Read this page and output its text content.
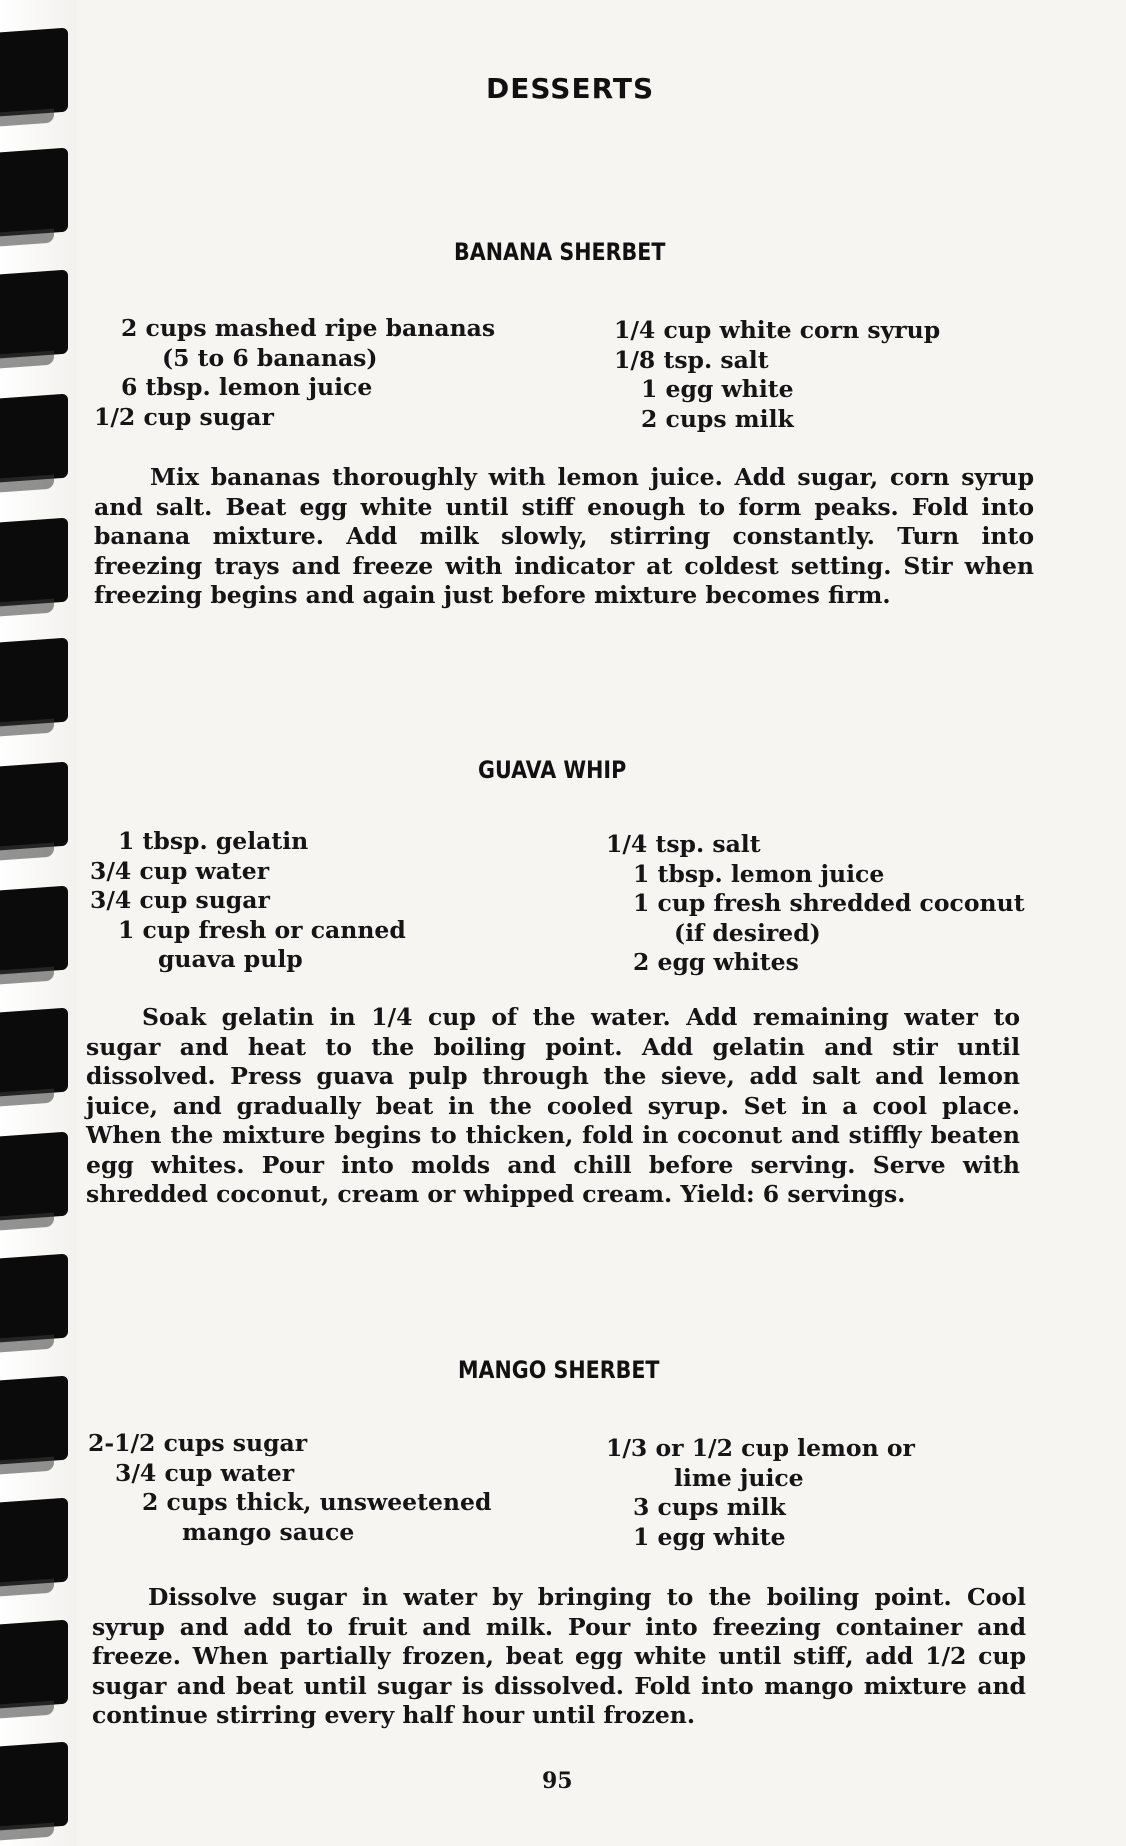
DESSERTS
BANANA SHERBET
2 cups mashed ripe bananas
(5 to 6 bananas)
6 tbsp. lemon juice
1/2 cup sugar
1/4 cup white corn syrup
1/8 tsp. salt
1 egg white
2 cups milk

Mix bananas thoroughly with lemon juice. Add sugar, corn syrup and salt. Beat egg white until stiff enough to form peaks. Fold into banana mixture. Add milk slowly, stirring constantly. Turn into freezing trays and freeze with indicator at coldest setting. Stir when freezing begins and again just before mixture becomes firm.

GUAVA WHIP
1 tbsp. gelatin
3/4 cup water
3/4 cup sugar
1 cup fresh or canned
guava pulp
1/4 tsp. salt
1 tbsp. lemon juice
1 cup fresh shredded coconut
(if desired)
2 egg whites

Soak gelatin in 1/4 cup of the water. Add remaining water to sugar and heat to the boiling point. Add gelatin and stir until dissolved. Press guava pulp through the sieve, add salt and lemon juice, and gradually beat in the cooled syrup. Set in a cool place. When the mixture begins to thicken, fold in coconut and stiffly beaten egg whites. Pour into molds and chill before serving. Serve with shredded coconut, cream or whipped cream. Yield: 6 servings.

MANGO SHERBET
2-1/2 cups sugar
3/4 cup water
2 cups thick, unsweetened
mango sauce
1/3 or 1/2 cup lemon or
lime juice
3 cups milk
1 egg white

Dissolve sugar in water by bringing to the boiling point. Cool syrup and add to fruit and milk. Pour into freezing container and freeze. When partially frozen, beat egg white until stiff, add 1/2 cup sugar and beat until sugar is dissolved. Fold into mango mixture and continue stirring every half hour until frozen.

95
